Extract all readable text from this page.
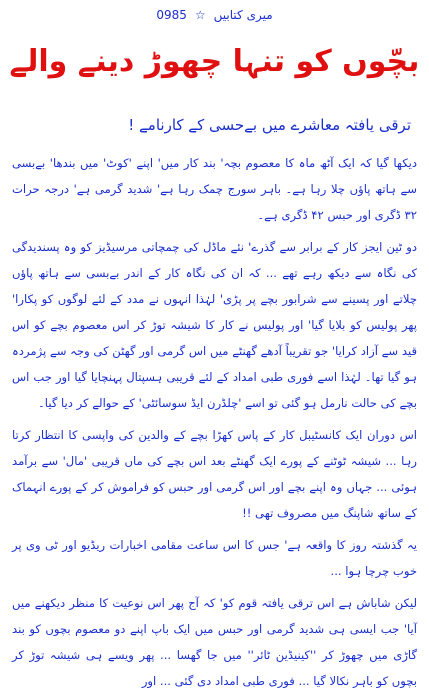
0985 ☆ میری کتابیں
بچّوں کو تنہا چھوڑ دینے والے
ترقی یافتہ معاشرے میں بےحسی کے کارنامے !

دیکھا گیا کہ ایک آٹھ ماہ کا معصوم بچہ' بند کار میں' اپنے 'کوٹ' میں بندھا' بےبسی سے ہاتھ پاؤں چلا رہا ہے۔ باہر سورج چمک رہا ہے' شدید گرمی ہے' درجہ حرات ۳۲ ڈگری اور حبس ۴۲ ڈگری ہے۔

دو ٹین ایجز کار کے برابر سے گذرے' نئے ماڈل کی چمچاتی مرسیڈیز کو وہ پسندیدگی کی نگاہ سے دیکھ رہے تھے ... کہ ان کی نگاہ کار کے اندر بےبسی سے ہاتھ پاؤں چلاتے اور پسینے سے شرابور بچے پر پڑی' لہٰذا انہوں نے مدد کے لئے لوگوں کو پکارا' پھر پولیس کو بلایا گیا' اور پولیس نے کار کا شیشہ توڑ کر اس معصوم بچے کو اس قید سے آزاد کرایا' جو تقریباً آدھے گھنٹے میں اس گرمی اور گھٹن کی وجہ سے پژمردہ ہو گیا تھا۔ لہٰذا اسے فوری طبی امداد کے لئے قریبی ہسپتال پہنچایا گیا اور جب اس بچے کی حالت نارمل ہو گئی تو اسے 'چلڈرن ایڈ سوسائٹی' کے حوالے کر دیا گیا۔

اس دوران ایک کانسٹیبل کار کے پاس کھڑا بچے کے والدین کی واپسی کا انتظار کرتا رہا ... شیشہ ٹوٹنے کے پورے ایک گھنٹے بعد اس بچے کی ماں قریبی 'مال' سے برآمد ہوئی ... جہاں وہ اپنے بچے اور اس گرمی اور حبس کو فراموش کر کے پورے انہماک کے ساتھ شاپنگ میں مصروف تھی !!

یہ گذشتہ روز کا واقعہ ہے' جس کا اس ساعت مقامی اخبارات ریڈیو اور ٹی وی پر خوب چرچا ہوا ...

لیکن شاباش ہے اس ترقی یافتہ قوم کو' کہ آج پھر اس نوعیت کا منظر دیکھنے میں آیا' جب ایسی ہی شدید گرمی اور حبس میں ایک باپ اپنے دو معصوم بچوں کو بند گاڑی میں چھوڑ کر ''کینیڈین ٹائر'' میں جا گھسا ... پھر ویسے ہی شیشہ توڑ کر بچوں کو باہر نکالا گیا ... فوری طبی امداد دی گئی ... اور
